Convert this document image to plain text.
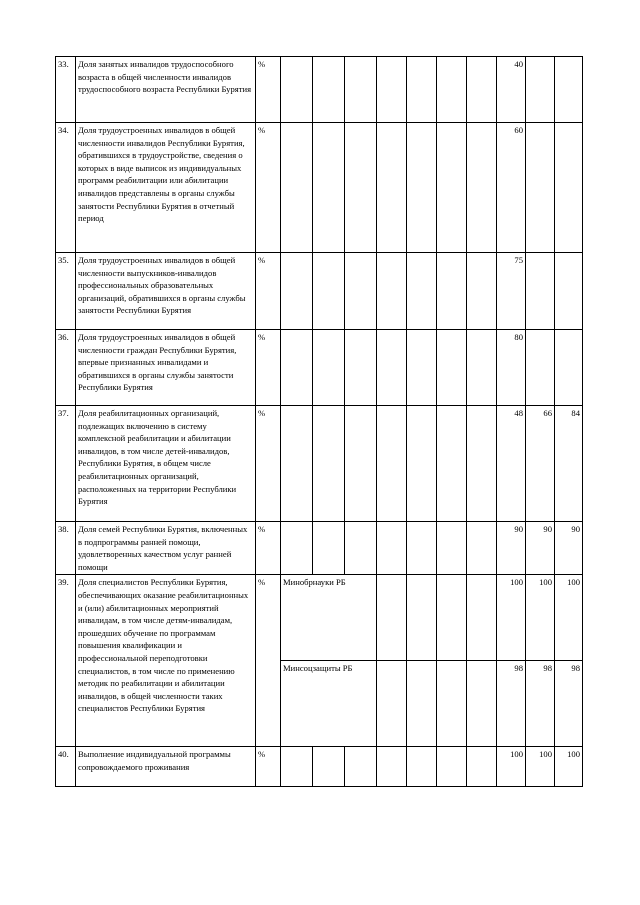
33.	Доля занятых инвалидов трудоспособного возраста в общей численности инвалидов трудоспособного возраста Республики Бурятия	%								40		
34.	Доля трудоустроенных инвалидов в общей численности инвалидов Республики Бурятия, обратившихся в трудоустройстве, сведения о которых в виде выписок из индивидуальных программ реабилитации или абилитации инвалидов представлены в органы службы занятости Республики Бурятия в отчетный период	%								60		
35.	Доля трудоустроенных инвалидов в общей численности выпускников-инвалидов профессиональных образовательных организаций, обратившихся в органы службы занятости Республики Бурятия	%								75		
36.	Доля трудоустроенных инвалидов в общей численности граждан Республики Бурятия, впервые признанных инвалидами и обратившихся в органы службы занятости Республики Бурятия	%								80		
37.	Доля реабилитационных организаций, подлежащих включению в систему комплексной реабилитации и абилитации инвалидов, в том числе детей-инвалидов, Республики Бурятия, в общем числе реабилитационных организаций, расположенных на территории Республики Бурятия	%								48	66	84
38.	Доля семей Республики Бурятия, включенных в подпрограммы ранней помощи, удовлетворенных качеством услуг ранней помощи	%								90	90	90
39.	Доля специалистов Республики Бурятия, обеспечивающих оказание реабилитационных и (или) абилитационных мероприятий инвалидам, в том числе детям-инвалидам, прошедших обучение по программам повышения квалификации и профессиональной переподготовки специалистов, в том числе по применению методик по реабилитации и абилитации инвалидов, в общей численности таких специалистов Республики Бурятия	%	Минобрнауки РБ							100	100	100
			Минсоцзащиты РБ							98	98	98
40.	Выполнение индивидуальной программы сопровождаемого проживания	%								100	100	100
